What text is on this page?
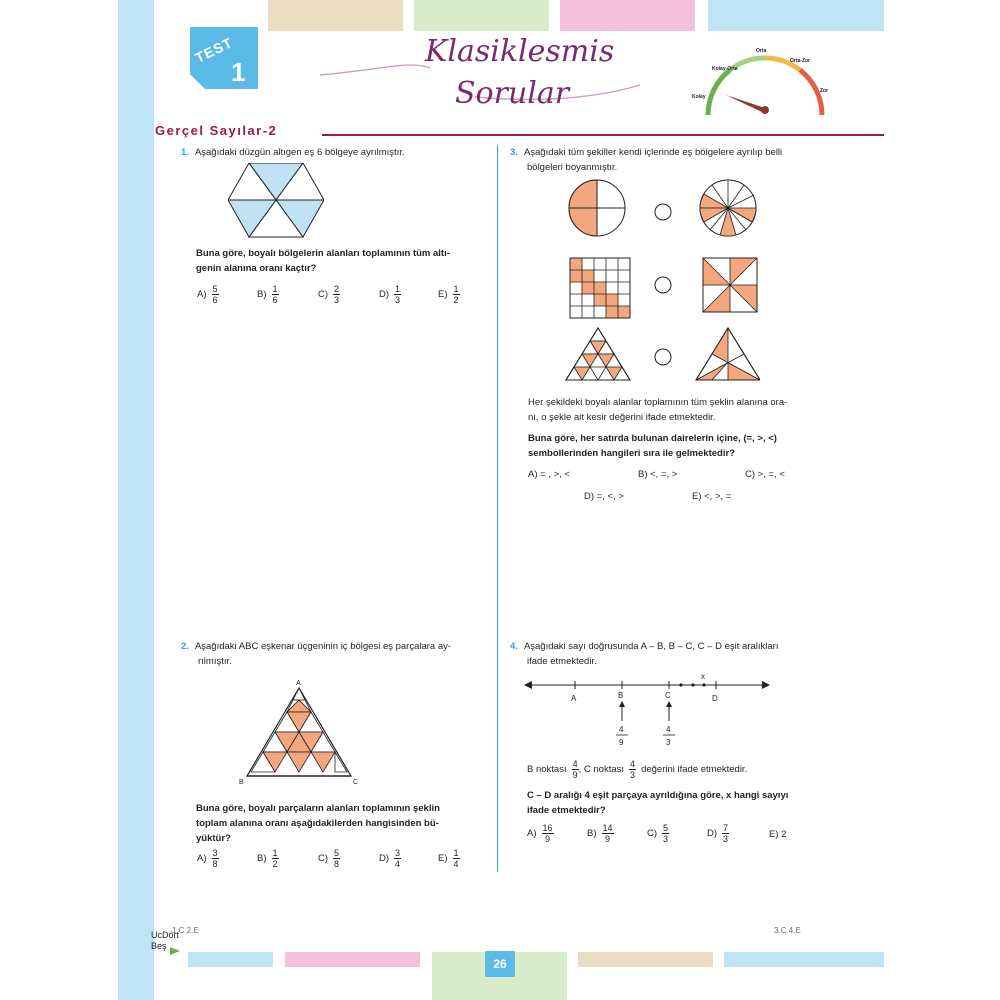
TEST
1
Klasiklesmis
Sorular	Kolay
Kolay-Orta
Orta
Orta-Zor
Zor
Gerçel Sayılar-2
1. Aşağıdaki düzgün altıgen eş 6 bölgeye ayrılmıştır.
Buna göre, boyalı bölgelerin alanları toplamının tüm altı-
genin alanına oranı kaçtır?
$A) \frac{5}{6}$	$B) \frac{1}{6}$	$C) \frac{2}{3}$	$D) \frac{1}{3}$	$E) \frac{1}{2}$
2. Aşağıdaki ABC eşkenar üçgeninin iç bölgesi eş parçalara ay-
rılmıştır.
A
B	C
Buna göre, boyalı parçaların alanları toplamının şeklin
toplam alanına oranı aşağıdakilerden hangisinden bü-
yüktür?
$A) \frac{3}{8}$	$B) \frac{1}{2}$	$C) \frac{5}{8}$	$D) \frac{3}{4}$	$E) \frac{1}{4}$
3. Aşağıdaki tüm şekiller kendi içlerinde eş bölgelere ayrılıp belli
bölgeleri boyanmıştır.
Her şekildeki boyalı alanlar toplamının tüm şeklin alanına ora-
nı, o şekle ait kesir değerini ifade etmektedir.
Buna göre, her satırda bulunan dairelerin içine, (=, >, <)
sembollerinden hangileri sıra ile gelmektedir?
A) = , >, <	B) <, =, >	C) >, =, <
D) =, <, >	E) <, >, =
4. Aşağıdaki sayı doğrusunda A – B, B – C, C – D eşit aralıkları
ifade etmektedir.
A	B	C	D
x
4
9
4
3
B noktası $\frac{4}{9}$ , C noktası $\frac{4}{3}$ değerini ifade etmektedir.
C – D aralığı 4 eşit parçaya ayrıldığına göre, x hangi sayıyı
ifade etmektedir?
$A) \frac{16}{9}$	$B) \frac{14}{9}$	$C) \frac{5}{3}$	$D) \frac{7}{3}$	E) 2
1.C 2.E	3.C 4.E
UcDört
Beş
26
